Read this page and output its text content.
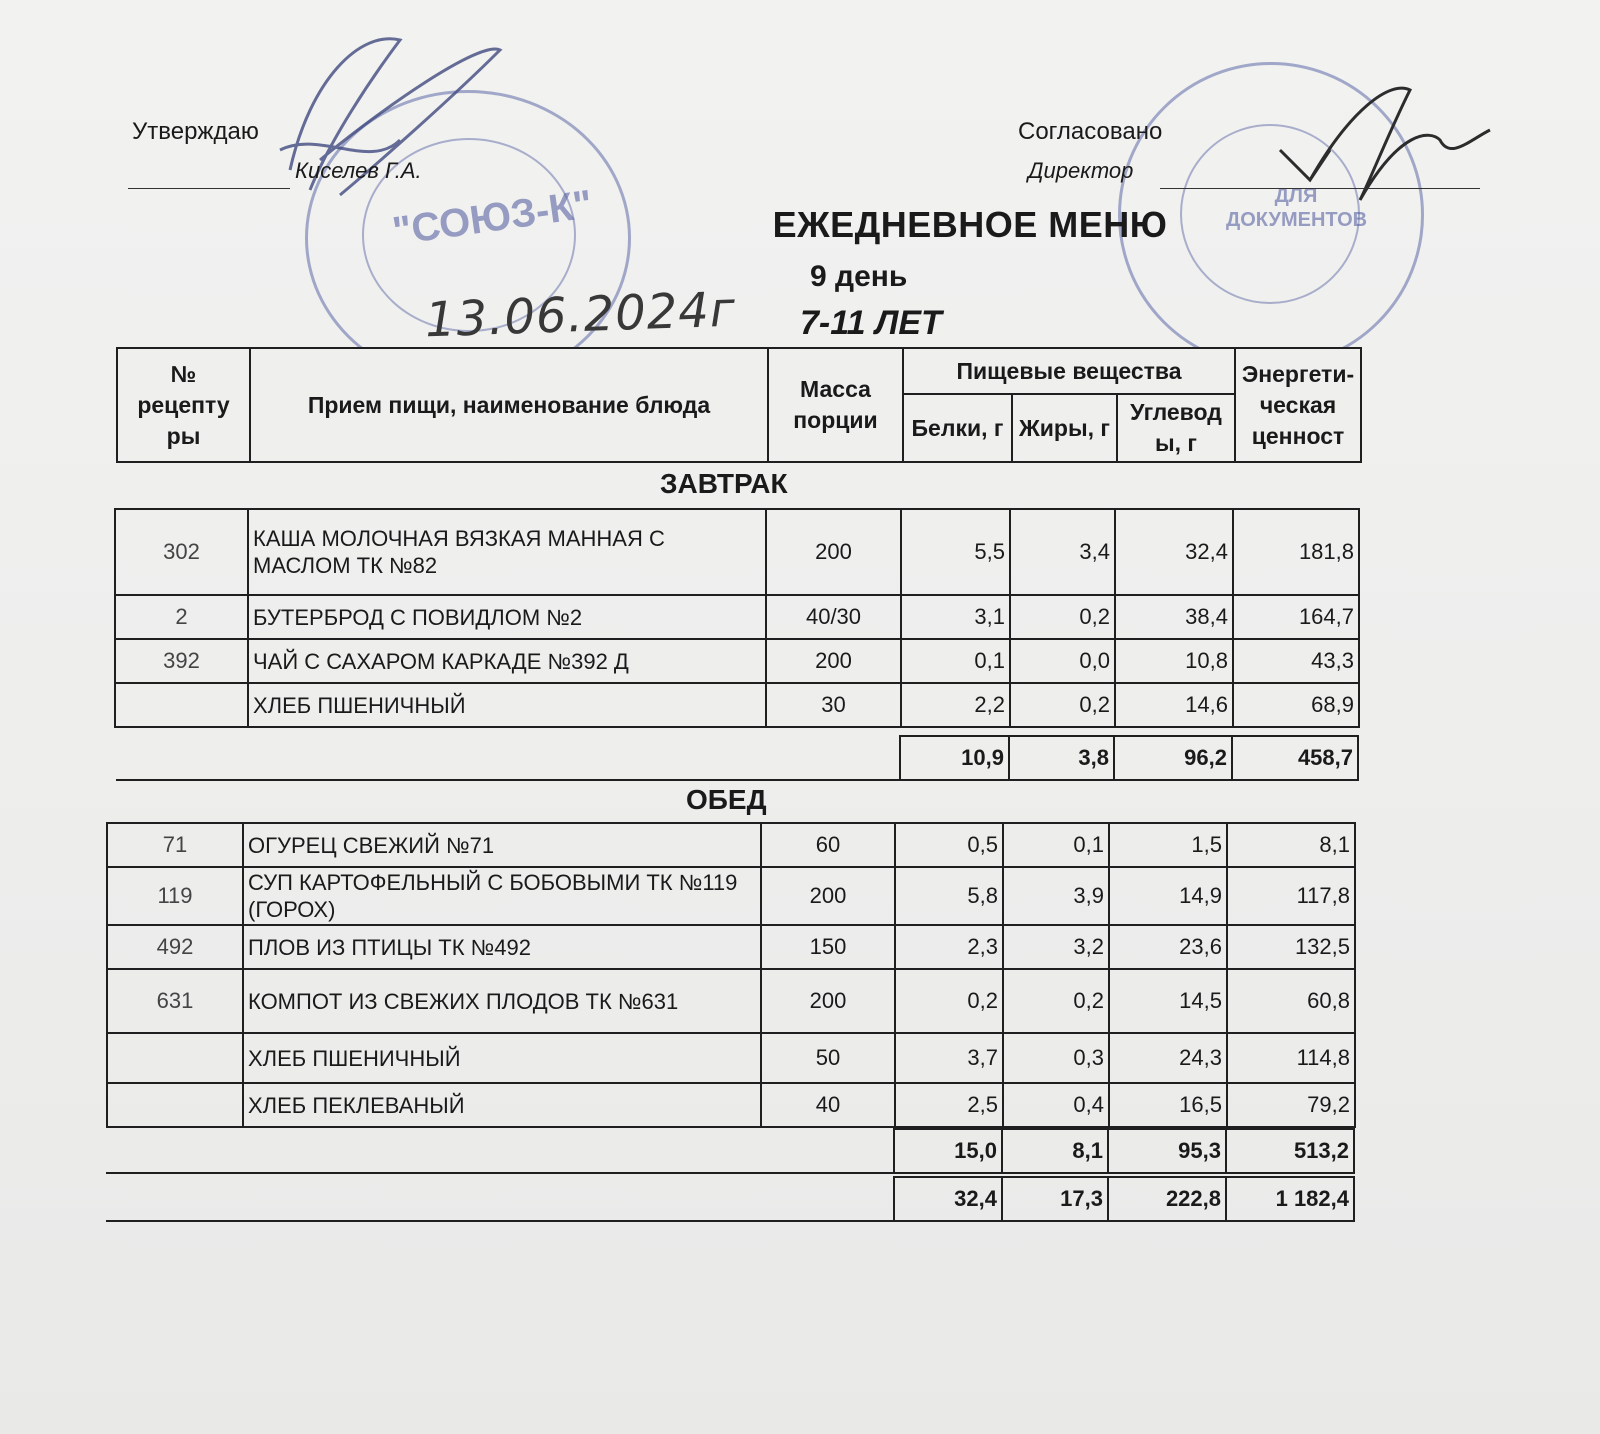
"СОЮЗ-К"	ДЛЯ ДОКУМЕНТОВ
Утверждаю
Киселев Г.А.
Согласовано
Директор
ЕЖЕДНЕВНОЕ МЕНЮ
9 день
13.06.2024г 7-11 ЛЕТ
№ рецепту ры	Прием пищи, наименование блюда	Масса порции	Пищевые вещества			Энергети-ческая ценност
			Белки, г	Жиры, г	Углевод ы, г	
ЗАВТРАК
302	КАША МОЛОЧНАЯ ВЯЗКАЯ МАННАЯ С МАСЛОМ ТК №82	200	5,5	3,4	32,4	181,8
2	БУТЕРБРОД С ПОВИДЛОМ №2	40/30	3,1	0,2	38,4	164,7
392	ЧАЙ С САХАРОМ КАРКАДЕ №392 Д	200	0,1	0,0	10,8	43,3
	ХЛЕБ ПШЕНИЧНЫЙ	30	2,2	0,2	14,6	68,9
	10,9	3,8	96,2	458,7
ОБЕД
71	ОГУРЕЦ СВЕЖИЙ №71	60	0,5	0,1	1,5	8,1
119	СУП КАРТОФЕЛЬНЫЙ С БОБОВЫМИ ТК №119 (ГОРОХ)	200	5,8	3,9	14,9	117,8
492	ПЛОВ ИЗ ПТИЦЫ ТК №492	150	2,3	3,2	23,6	132,5
631	КОМПОТ ИЗ СВЕЖИХ ПЛОДОВ ТК №631	200	0,2	0,2	14,5	60,8
	ХЛЕБ ПШЕНИЧНЫЙ	50	3,7	0,3	24,3	114,8
	ХЛЕБ ПЕКЛЕВАНЫЙ	40	2,5	0,4	16,5	79,2
	15,0	8,1	95,3	513,2
	32,4	17,3	222,8	1 182,4
